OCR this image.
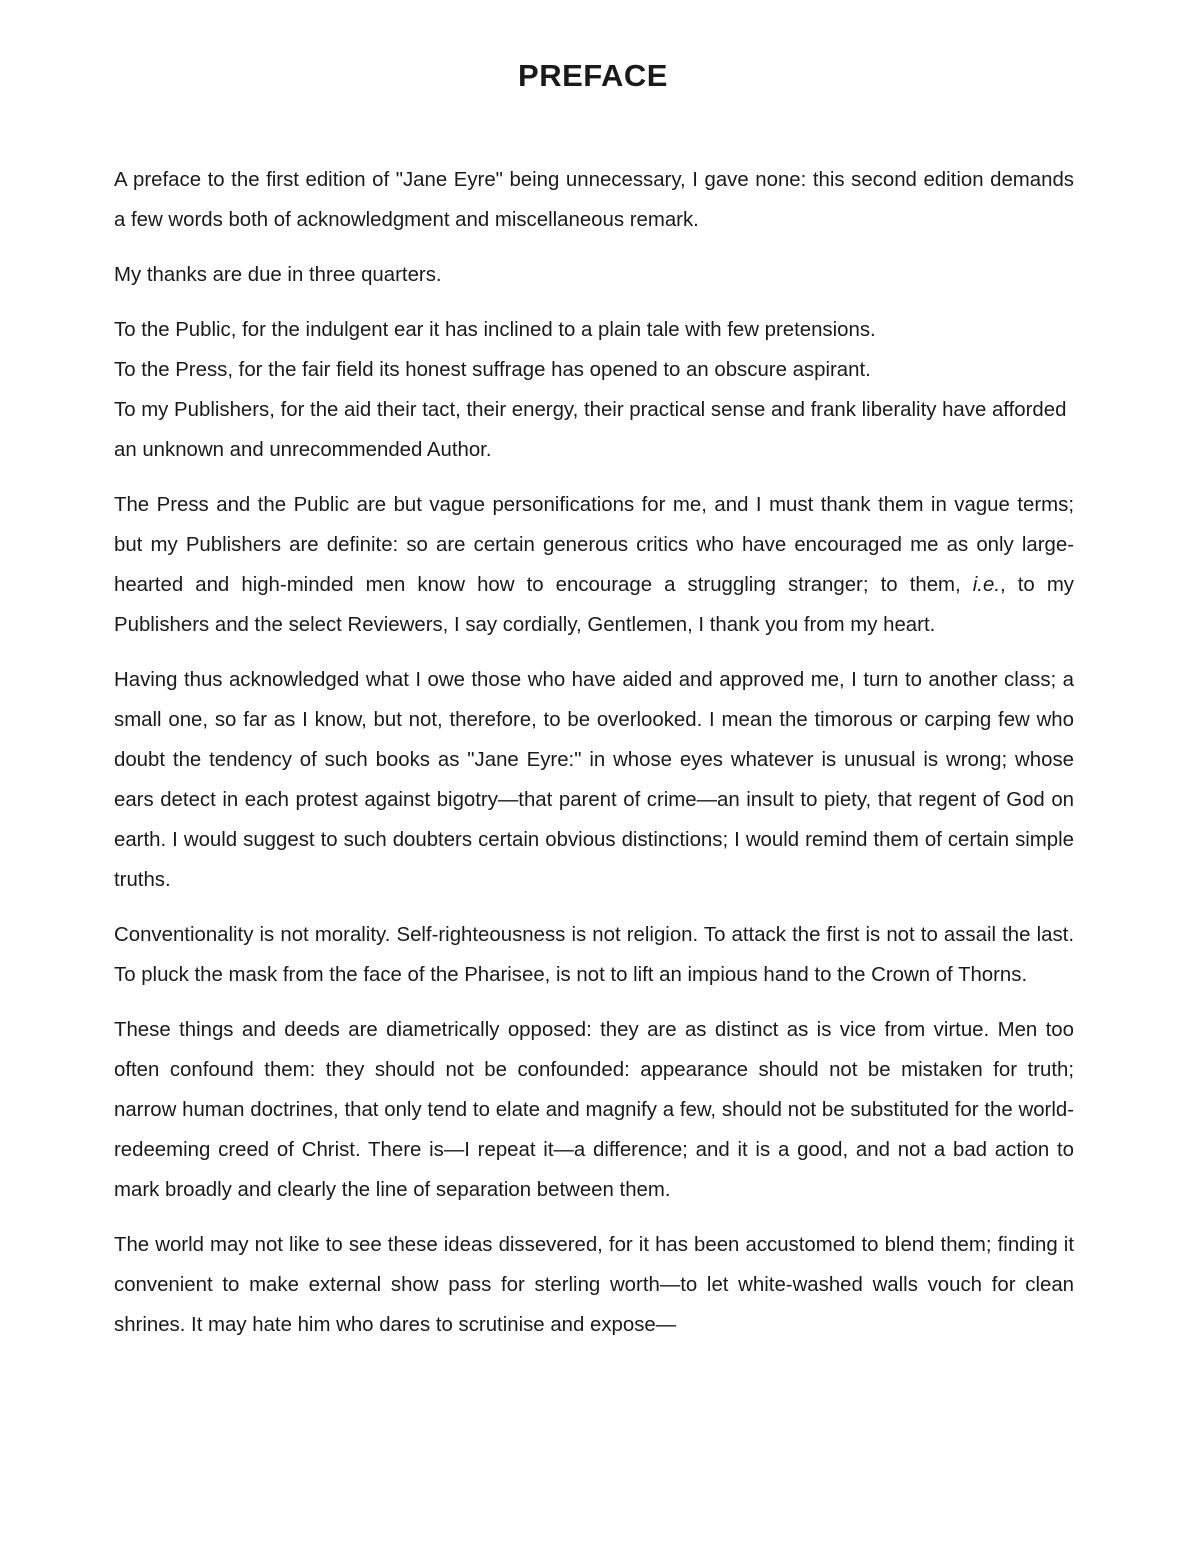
PREFACE

A preface to the first edition of "Jane Eyre" being unnecessary, I gave none: this second edition demands a few words both of acknowledgment and miscellaneous remark.

My thanks are due in three quarters.

To the Public, for the indulgent ear it has inclined to a plain tale with few pretensions.

To the Press, for the fair field its honest suffrage has opened to an obscure aspirant.

To my Publishers, for the aid their tact, their energy, their practical sense and frank liberality have afforded an unknown and unrecommended Author.

The Press and the Public are but vague personifications for me, and I must thank them in vague terms; but my Publishers are definite: so are certain generous critics who have encouraged me as only large-hearted and high-minded men know how to encourage a struggling stranger; to them, i.e., to my Publishers and the select Reviewers, I say cordially, Gentlemen, I thank you from my heart.

Having thus acknowledged what I owe those who have aided and approved me, I turn to another class; a small one, so far as I know, but not, therefore, to be overlooked. I mean the timorous or carping few who doubt the tendency of such books as "Jane Eyre:" in whose eyes whatever is unusual is wrong; whose ears detect in each protest against bigotry—that parent of crime—an insult to piety, that regent of God on earth. I would suggest to such doubters certain obvious distinctions; I would remind them of certain simple truths.

Conventionality is not morality. Self-righteousness is not religion. To attack the first is not to assail the last. To pluck the mask from the face of the Pharisee, is not to lift an impious hand to the Crown of Thorns.

These things and deeds are diametrically opposed: they are as distinct as is vice from virtue. Men too often confound them: they should not be confounded: appearance should not be mistaken for truth; narrow human doctrines, that only tend to elate and magnify a few, should not be substituted for the world-redeeming creed of Christ. There is—I repeat it—a difference; and it is a good, and not a bad action to mark broadly and clearly the line of separation between them.

The world may not like to see these ideas dissevered, for it has been accustomed to blend them; finding it convenient to make external show pass for sterling worth—to let white-washed walls vouch for clean shrines. It may hate him who dares to scrutinise and expose—
